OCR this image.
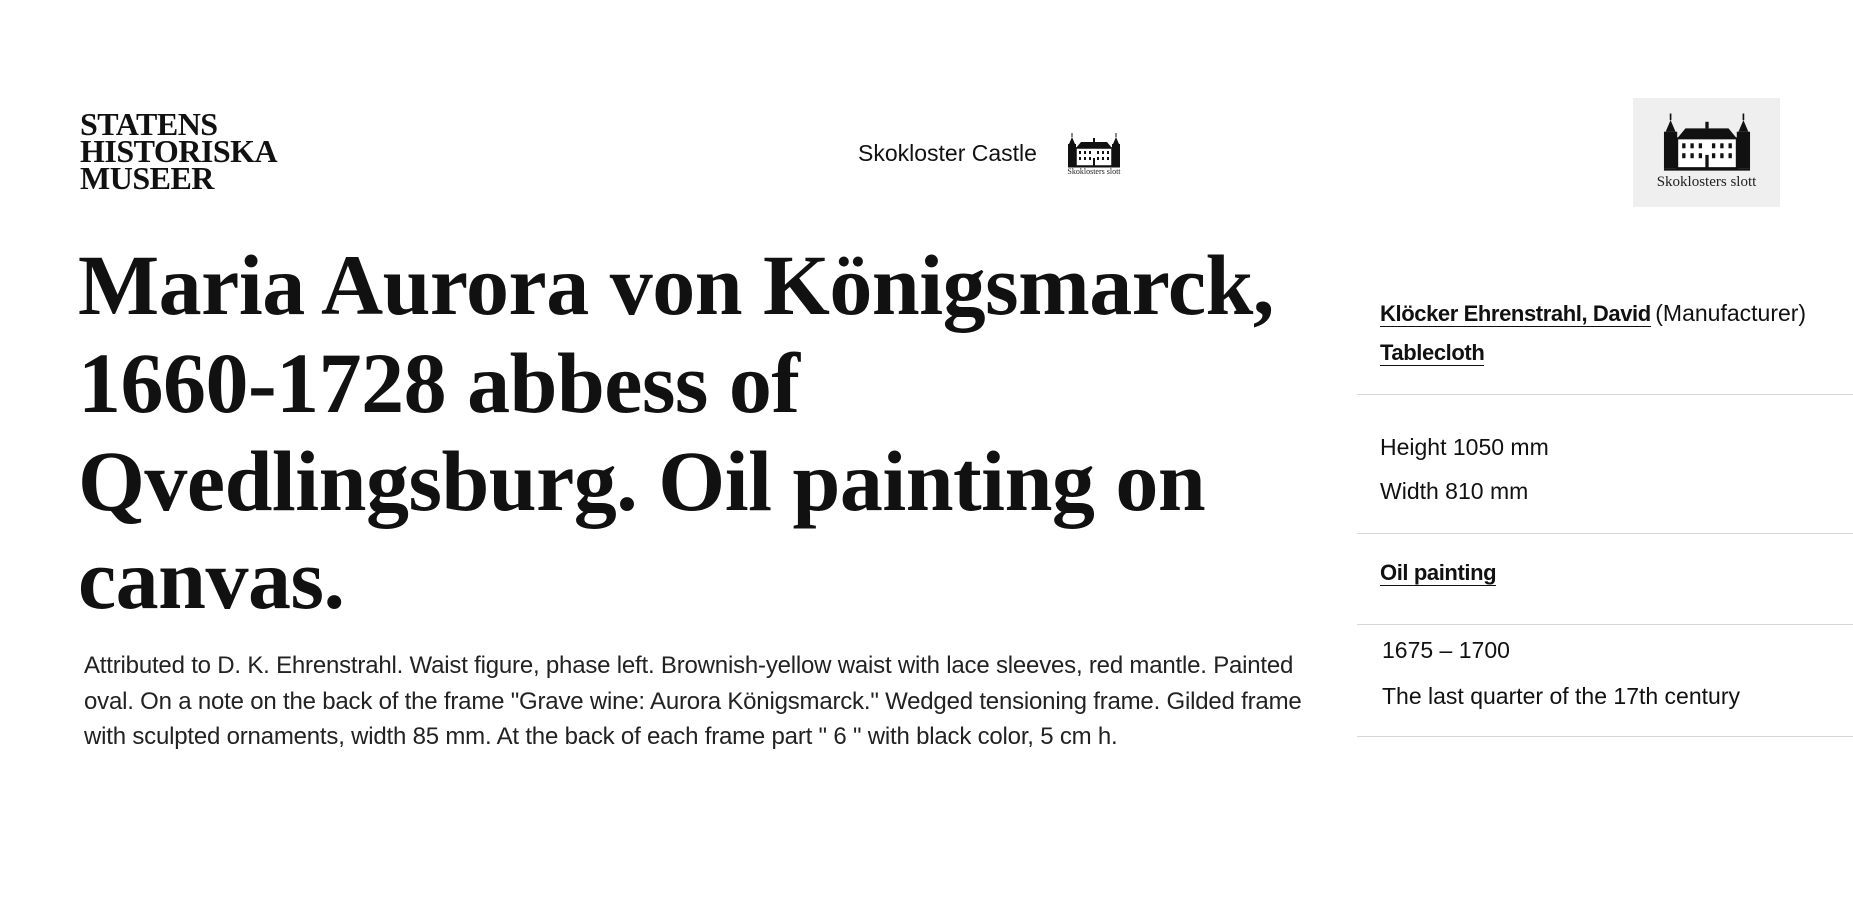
STATENS
HISTORISKA
MUSEER
Skokloster Castle
Skoklosters slott
Skoklosters slott
Maria Aurora von Königsmarck, 1660-1728 abbess of Qvedlingsburg. Oil painting on canvas.

Attributed to D. K. Ehrenstrahl. Waist figure, phase left. Brownish-yellow waist with lace sleeves, red mantle. Painted oval. On a note on the back of the frame "Grave wine: Aurora Königsmarck." Wedged tensioning frame. Gilded frame with sculpted ornaments, width 85 mm. At the back of each frame part " 6 " with black color, 5 cm h.

Klöcker Ehrenstrahl, David (Manufacturer)
Tablecloth
Height 1050 mm
Width 810 mm
Oil painting
1675 – 1700
The last quarter of the 17th century
